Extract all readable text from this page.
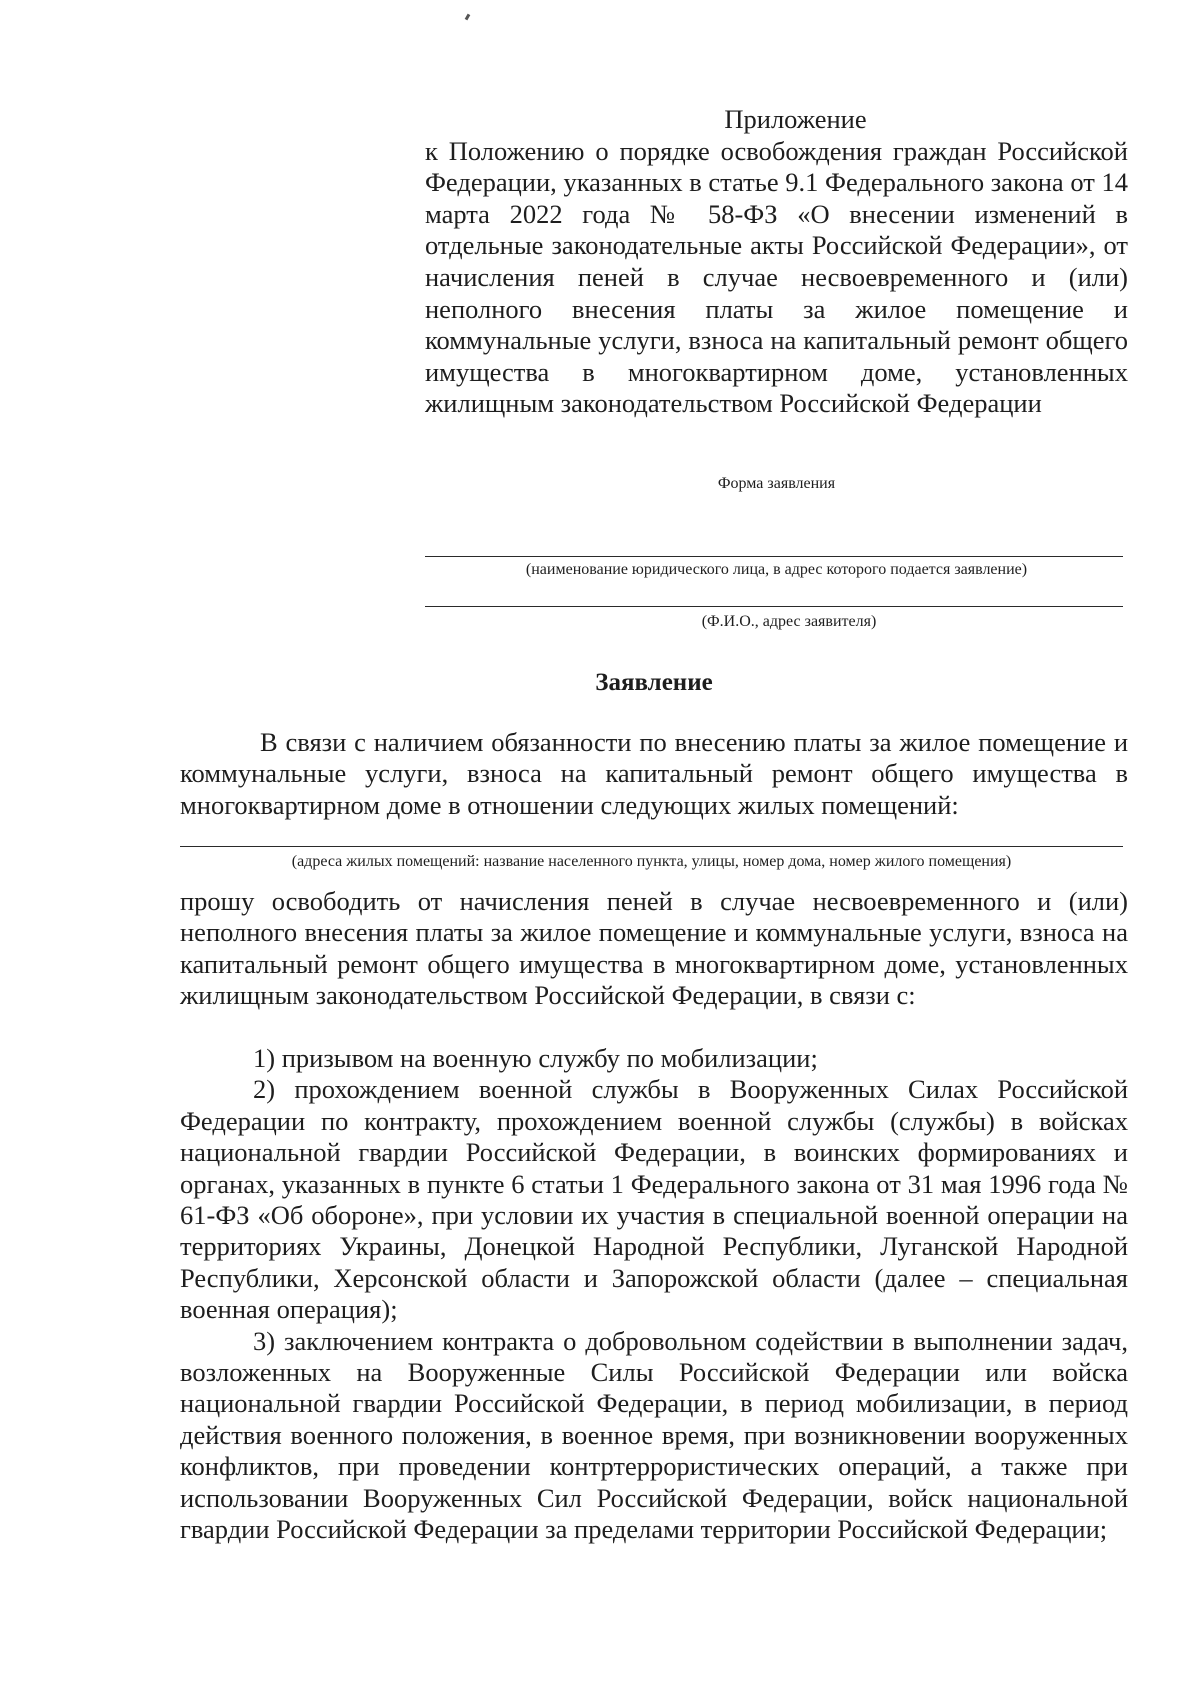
Приложение
к Положению о порядке освобождения граждан Российской Федерации, указанных в статье 9.1 Федерального закона от 14 марта 2022 года № 58-ФЗ «О внесении изменений в отдельные законодательные акты Российской Федерации», от начисления пеней в случае несвоевременного и (или) неполного внесения платы за жилое помещение и коммунальные услуги, взноса на капитальный ремонт общего имущества в многоквартирном доме, установленных жилищным законодательством Российской Федерации
Форма заявления
(наименование юридического лица, в адрес которого подается заявление)
(Ф.И.О., адрес заявителя)
Заявление

В связи с наличием обязанности по внесению платы за жилое помещение и коммунальные услуги, взноса на капитальный ремонт общего имущества в многоквартирном доме в отношении следующих жилых помещений:

(адреса жилых помещений: название населенного пункта, улицы, номер дома, номер жилого помещения)

прошу освободить от начисления пеней в случае несвоевременного и (или) неполного внесения платы за жилое помещение и коммунальные услуги, взноса на капитальный ремонт общего имущества в многоквартирном доме, установленных жилищным законодательством Российской Федерации, в связи с:

1) призывом на военную службу по мобилизации;

2) прохождением военной службы в Вооруженных Силах Российской Федерации по контракту, прохождением военной службы (службы) в войсках национальной гвардии Российской Федерации, в воинских формированиях и органах, указанных в пункте 6 статьи 1 Федерального закона от 31 мая 1996 года № 61-ФЗ «Об обороне», при условии их участия в специальной военной операции на территориях Украины, Донецкой Народной Республики, Луганской Народной Республики, Херсонской области и Запорожской области (далее – специальная военная операция);

3) заключением контракта о добровольном содействии в выполнении задач, возложенных на Вооруженные Силы Российской Федерации или войска национальной гвардии Российской Федерации, в период мобилизации, в период действия военного положения, в военное время, при возникновении вооруженных конфликтов, при проведении контртеррористических операций, а также при использовании Вооруженных Сил Российской Федерации, войск национальной гвардии Российской Федерации за пределами территории Российской Федерации;
